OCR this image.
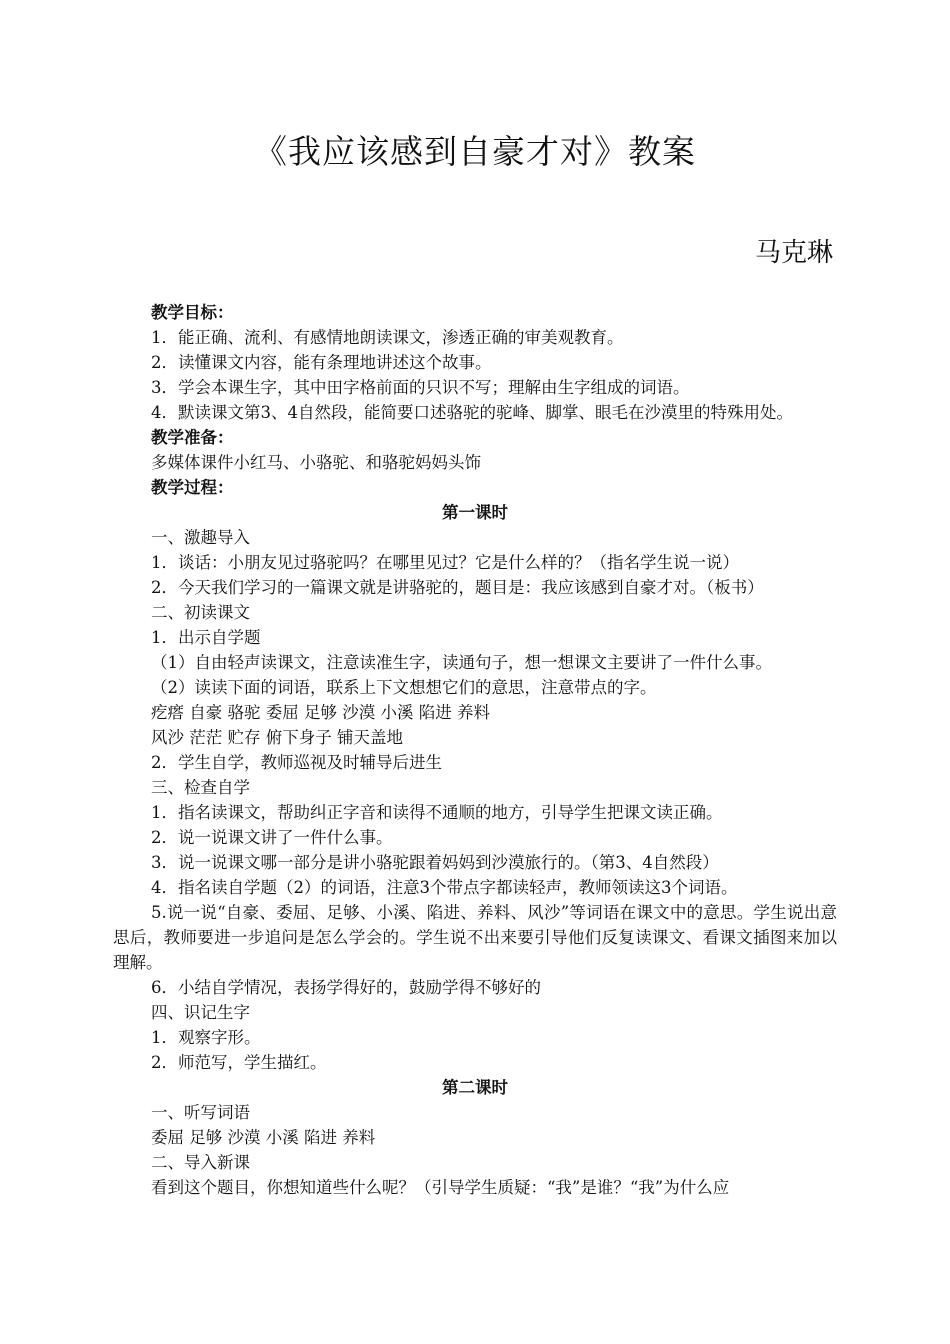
《我应该感到自豪才对》教案
马克琳

教学目标：

1．能正确、流利、有感情地朗读课文，渗透正确的审美观教育。

2．读懂课文内容，能有条理地讲述这个故事。

3．学会本课生字，其中田字格前面的只识不写；理解由生字组成的词语。

4．默读课文第3、4自然段，能简要口述骆驼的驼峰、脚掌、眼毛在沙漠里的特殊用处。

教学准备：

多媒体课件小红马、小骆驼、和骆驼妈妈头饰

教学过程：

第一课时

一、激趣导入

1．谈话：小朋友见过骆驼吗？在哪里见过？它是什么样的？（指名学生说一说）

2．今天我们学习的一篇课文就是讲骆驼的，题目是：我应该感到自豪才对。（板书）

二、初读课文

1．出示自学题

（1）自由轻声读课文，注意读准生字，读通句子，想一想课文主要讲了一件什么事。

（2）读读下面的词语，联系上下文想想它们的意思，注意带点的字。

疙瘩 自豪 骆驼 委屈 足够 沙漠 小溪 陷进 养料

风沙 茫茫 贮存 俯下身子 铺天盖地

2．学生自学，教师巡视及时辅导后进生

三、检查自学

1．指名读课文，帮助纠正字音和读得不通顺的地方，引导学生把课文读正确。

2．说一说课文讲了一件什么事。

3．说一说课文哪一部分是讲小骆驼跟着妈妈到沙漠旅行的。（第3、4自然段）

4．指名读自学题（2）的词语，注意3个带点字都读轻声，教师领读这3个词语。

5.说一说“自豪、委屈、足够、小溪、陷进、养料、风沙”等词语在课文中的意思。学生说出意思后，教师要进一步追问是怎么学会的。学生说不出来要引导他们反复读课文、看课文插图来加以理解。

6．小结自学情况，表扬学得好的，鼓励学得不够好的

四、识记生字

1．观察字形。

2．师范写，学生描红。

第二课时

一、听写词语

委屈 足够 沙漠 小溪 陷进 养料

二、导入新课

看到这个题目，你想知道些什么呢？（引导学生质疑：“我”是谁？“我”为什么应
